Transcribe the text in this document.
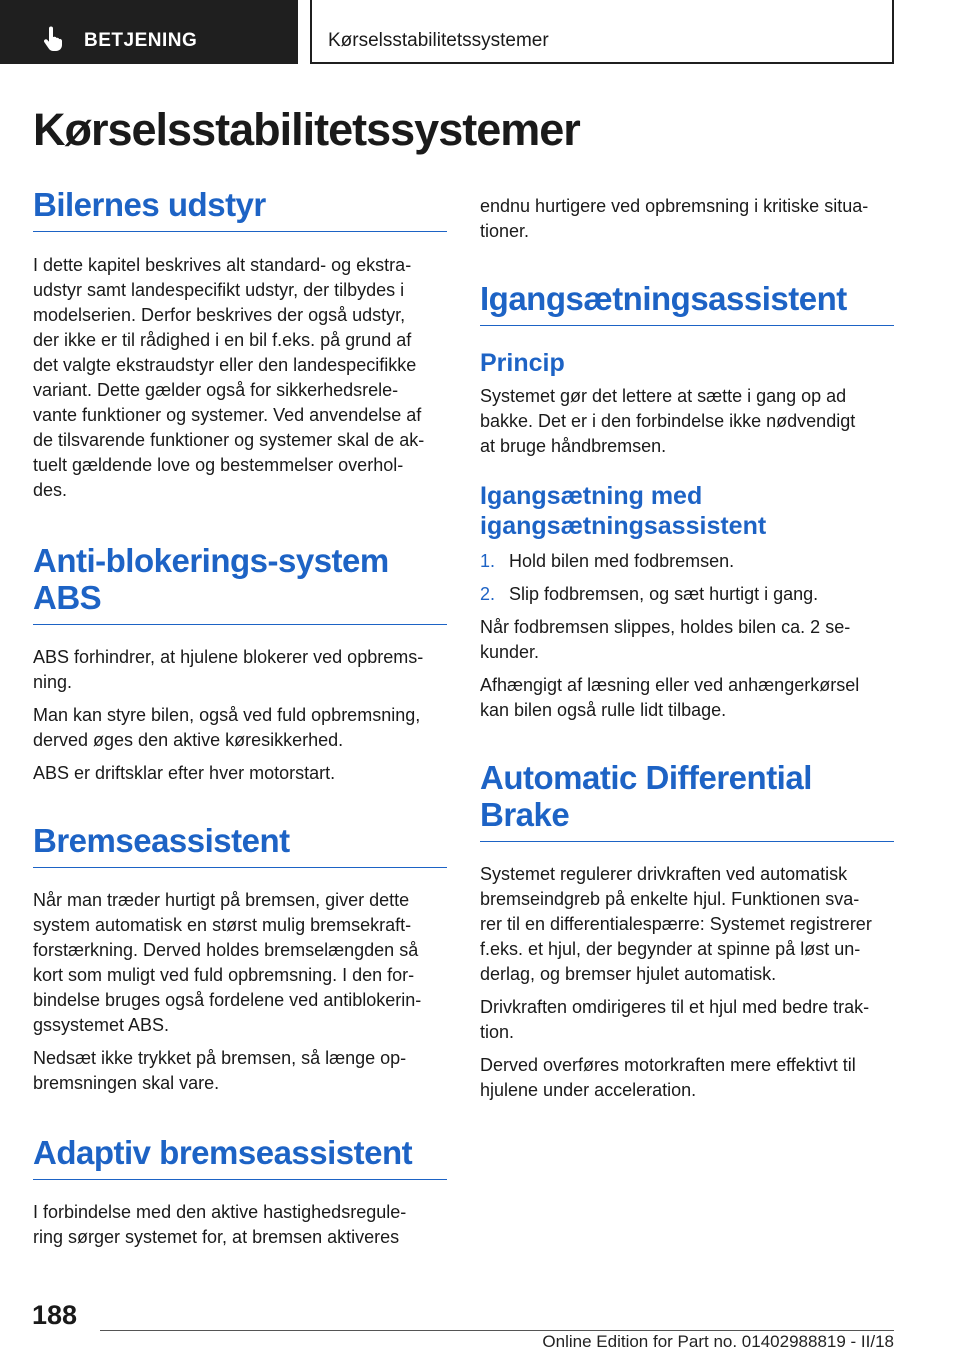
BETJENING	Kørselsstabilitetssystemer
Kørselsstabilitetssystemer
Bilernes udstyr

I dette kapitel beskrives alt standard- og ekstra-
udstyr samt landespecifikt udstyr, der tilbydes i
modelserien. Derfor beskrives der også udstyr,
der ikke er til rådighed i en bil f.eks. på grund af
det valgte ekstraudstyr eller den landespecifikke
variant. Dette gælder også for sikkerhedsrele-
vante funktioner og systemer. Ved anvendelse af
de tilsvarende funktioner og systemer skal de ak-
tuelt gældende love og bestemmelser overhol-
des.

Anti-blokerings-system
ABS

ABS forhindrer, at hjulene blokerer ved opbrems-
ning.

Man kan styre bilen, også ved fuld opbremsning,
derved øges den aktive køresikkerhed.

ABS er driftsklar efter hver motorstart.

Bremseassistent

Når man træder hurtigt på bremsen, giver dette
system automatisk en størst mulig bremsekraft-
forstærkning. Derved holdes bremselængden så
kort som muligt ved fuld opbremsning. I den for-
bindelse bruges også fordelene ved antiblokerin-
gssystemet ABS.

Nedsæt ikke trykket på bremsen, så længe op-
bremsningen skal vare.

Adaptiv bremseassistent

I forbindelse med den aktive hastighedsregule-
ring sørger systemet for, at bremsen aktiveres

endnu hurtigere ved opbremsning i kritiske situa-
tioner.

Igangsætningsassistent
Princip

Systemet gør det lettere at sætte i gang op ad
bakke. Det er i den forbindelse ikke nødvendigt
at bruge håndbremsen.

Igangsætning med
igangsætningsassistent
1. Hold bilen med fodbremsen.
2. Slip fodbremsen, og sæt hurtigt i gang.

Når fodbremsen slippes, holdes bilen ca. 2 se-
kunder.

Afhængigt af læsning eller ved anhængerkørsel
kan bilen også rulle lidt tilbage.

Automatic Differential
Brake

Systemet regulerer drivkraften ved automatisk
bremseindgreb på enkelte hjul. Funktionen sva-
rer til en differentialespærre: Systemet registrerer
f.eks. et hjul, der begynder at spinne på løst un-
derlag, og bremser hjulet automatisk.

Drivkraften omdirigeres til et hjul med bedre trak-
tion.

Derved overføres motorkraften mere effektivt til
hjulene under acceleration.

188
Online Edition for Part no. 01402988819 - II/18
